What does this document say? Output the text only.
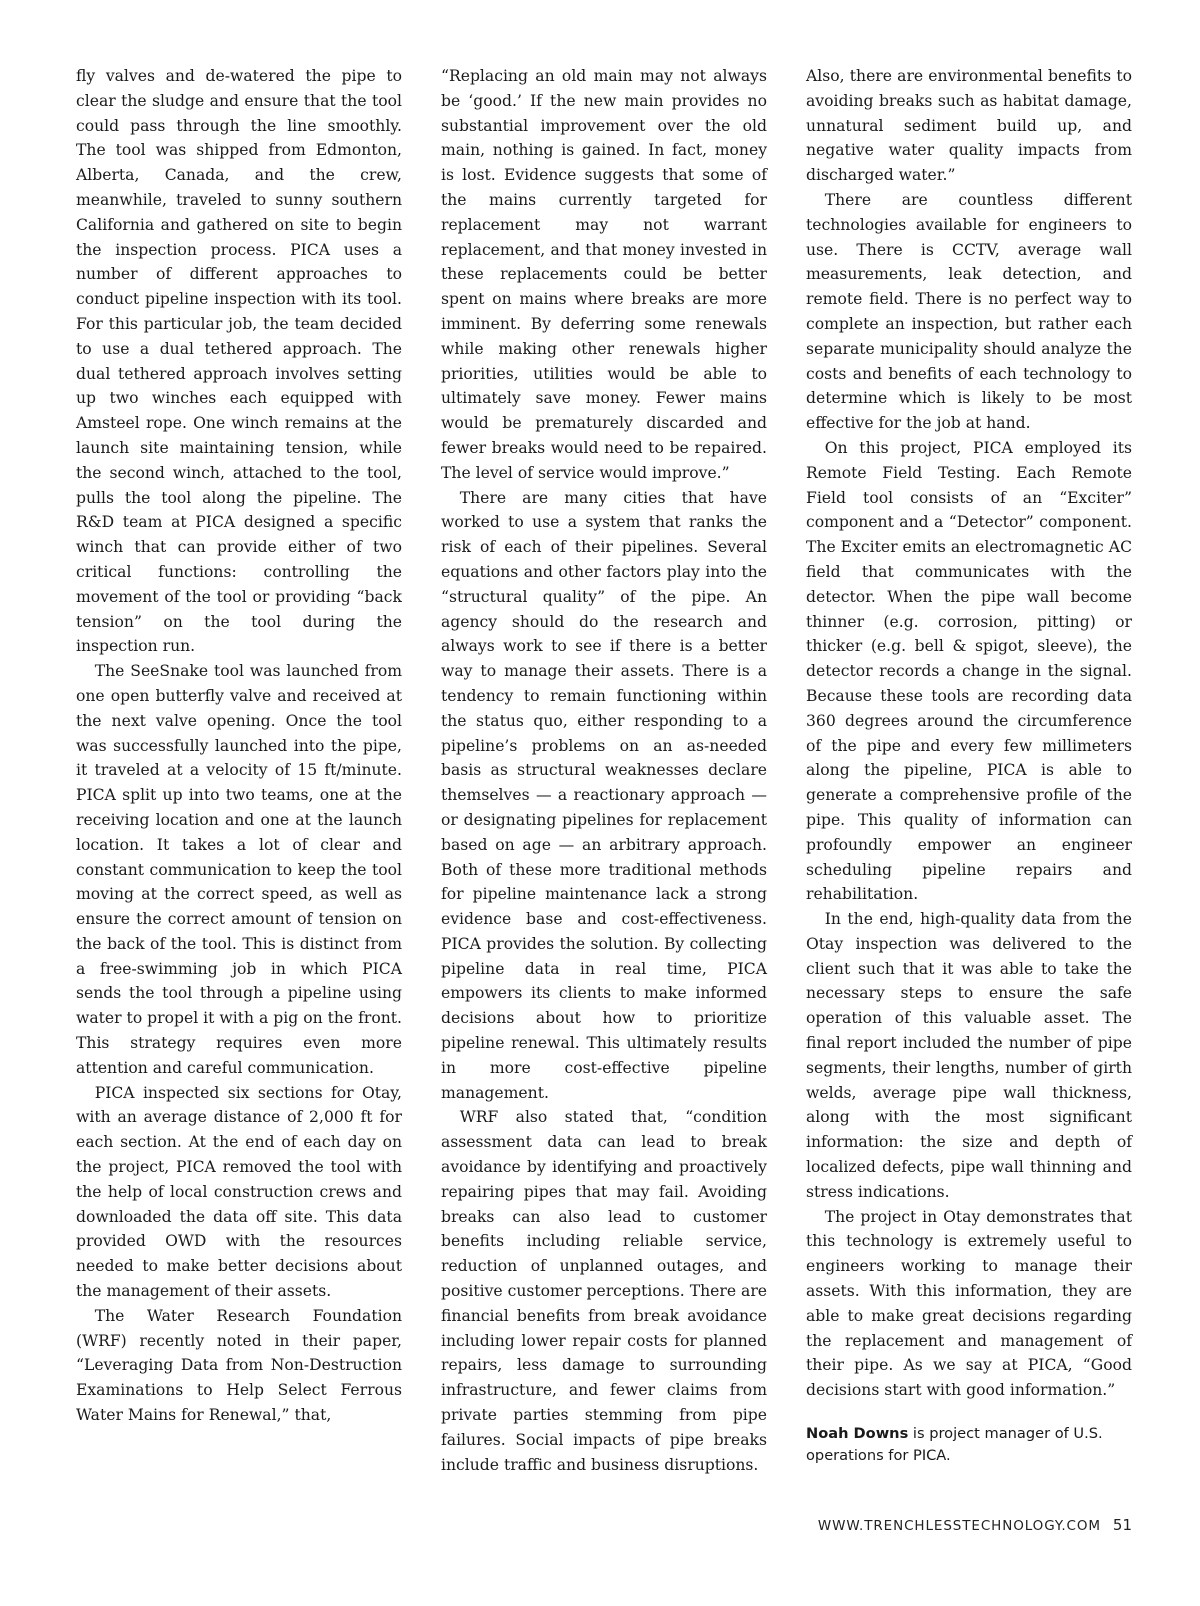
fly valves and de-watered the pipe to clear the sludge and ensure that the tool could pass through the line smoothly. The tool was shipped from Edmonton, Alberta, Canada, and the crew, meanwhile, traveled to sunny southern California and gathered on site to begin the inspection process. PICA uses a number of different approaches to conduct pipeline inspection with its tool. For this particular job, the team decided to use a dual tethered approach. The dual tethered approach involves setting up two winches each equipped with Amsteel rope. One winch remains at the launch site maintaining tension, while the second winch, attached to the tool, pulls the tool along the pipeline. The R&D team at PICA designed a specific winch that can provide either of two critical functions: controlling the movement of the tool or providing “back tension” on the tool during the inspection run.

The SeeSnake tool was launched from one open butterfly valve and received at the next valve opening. Once the tool was successfully launched into the pipe, it traveled at a velocity of 15 ft/minute. PICA split up into two teams, one at the receiving location and one at the launch location. It takes a lot of clear and constant communication to keep the tool moving at the correct speed, as well as ensure the correct amount of tension on the back of the tool. This is distinct from a free-swimming job in which PICA sends the tool through a pipeline using water to propel it with a pig on the front. This strategy requires even more attention and careful communication.

PICA inspected six sections for Otay, with an average distance of 2,000 ft for each section. At the end of each day on the project, PICA removed the tool with the help of local construction crews and downloaded the data off site. This data provided OWD with the resources needed to make better decisions about the management of their assets.

The Water Research Foundation (WRF) recently noted in their paper, “Leveraging Data from Non-Destruction Examinations to Help Select Ferrous Water Mains for Renewal,” that,

“Replacing an old main may not always be ‘good.’ If the new main provides no substantial improvement over the old main, nothing is gained. In fact, money is lost. Evidence suggests that some of the mains currently targeted for replacement may not warrant replacement, and that money invested in these replacements could be better spent on mains where breaks are more imminent. By deferring some renewals while making other renewals higher priorities, utilities would be able to ultimately save money. Fewer mains would be prematurely discarded and fewer breaks would need to be repaired. The level of service would improve.”

There are many cities that have worked to use a system that ranks the risk of each of their pipelines. Several equations and other factors play into the “structural quality” of the pipe. An agency should do the research and always work to see if there is a better way to manage their assets. There is a tendency to remain functioning within the status quo, either responding to a pipeline’s problems on an as-needed basis as structural weaknesses declare themselves — a reactionary approach — or designating pipelines for replacement based on age — an arbitrary approach. Both of these more traditional methods for pipeline maintenance lack a strong evidence base and cost-effectiveness. PICA provides the solution. By collecting pipeline data in real time, PICA empowers its clients to make informed decisions about how to prioritize pipeline renewal. This ultimately results in more cost-effective pipeline management.

WRF also stated that, “condition assessment data can lead to break avoidance by identifying and proactively repairing pipes that may fail. Avoiding breaks can also lead to customer benefits including reliable service, reduction of unplanned outages, and positive customer perceptions. There are financial benefits from break avoidance including lower repair costs for planned repairs, less damage to surrounding infrastructure, and fewer claims from private parties stemming from pipe failures. Social impacts of pipe breaks include traffic and business disruptions.

Also, there are environmental benefits to avoiding breaks such as habitat damage, unnatural sediment build up, and negative water quality impacts from discharged water.”

There are countless different technologies available for engineers to use. There is CCTV, average wall measurements, leak detection, and remote field. There is no perfect way to complete an inspection, but rather each separate municipality should analyze the costs and benefits of each technology to determine which is likely to be most effective for the job at hand.

On this project, PICA employed its Remote Field Testing. Each Remote Field tool consists of an “Exciter” component and a “Detector” component. The Exciter emits an electromagnetic AC field that communicates with the detector. When the pipe wall become thinner (e.g. corrosion, pitting) or thicker (e.g. bell & spigot, sleeve), the detector records a change in the signal. Because these tools are recording data 360 degrees around the circumference of the pipe and every few millimeters along the pipeline, PICA is able to generate a comprehensive profile of the pipe. This quality of information can profoundly empower an engineer scheduling pipeline repairs and rehabilitation.

In the end, high-quality data from the Otay inspection was delivered to the client such that it was able to take the necessary steps to ensure the safe operation of this valuable asset. The final report included the number of pipe segments, their lengths, number of girth welds, average pipe wall thickness, along with the most significant information: the size and depth of localized defects, pipe wall thinning and stress indications.

The project in Otay demonstrates that this technology is extremely useful to engineers working to manage their assets. With this information, they are able to make great decisions regarding the replacement and management of their pipe. As we say at PICA, “Good decisions start with good information.”

Noah Downs is project manager of U.S. operations for PICA.
WWW.TRENCHLESSTECHNOLOGY.COM 51
